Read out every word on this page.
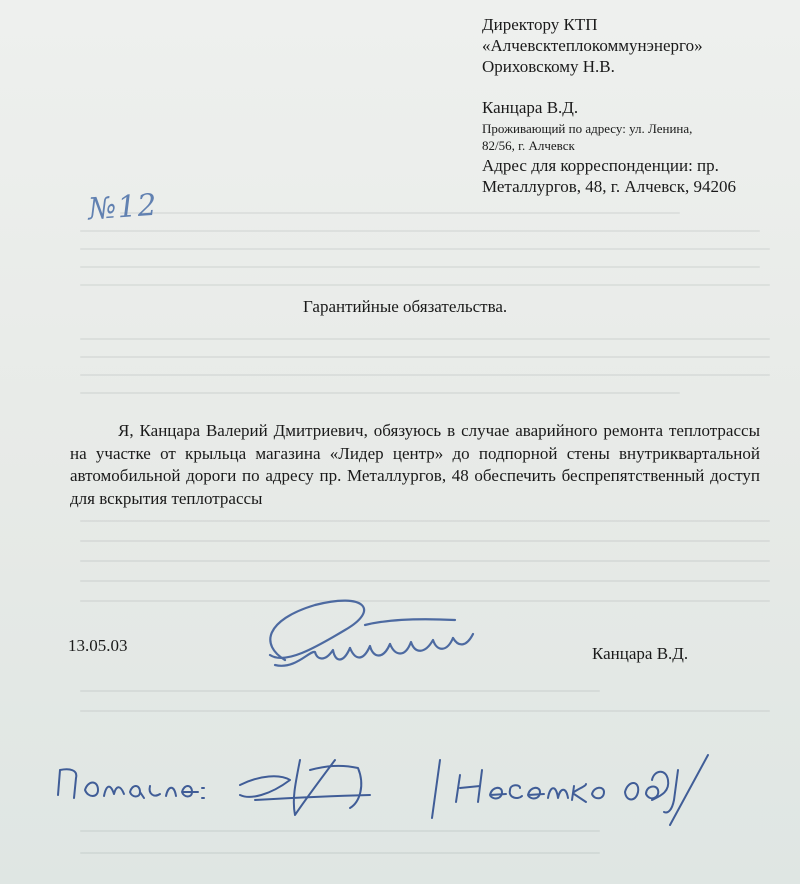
Директору КТП
«Алчевсктеплокоммунэнерго»
Ориховскому Н.В.
Канцара В.Д.
Проживающий по адресу: ул. Ленина,
82/56, г. Алчевск
Адрес для корреспонденции: пр.
Металлургов, 48, г. Алчевск, 94206
№12
Гарантийные обязательства.
Я, Канцара Валерий Дмитриевич, обязуюсь в случае аварийного ремонта теплотрассы на участке от крыльца магазина «Лидер центр» до подпорной стены внутриквартальной автомобильной дороги по адресу пр. Металлургов, 48 обеспечить беспрепятственный доступ для вскрытия теплотрассы
13.05.03	Канцара В.Д.
